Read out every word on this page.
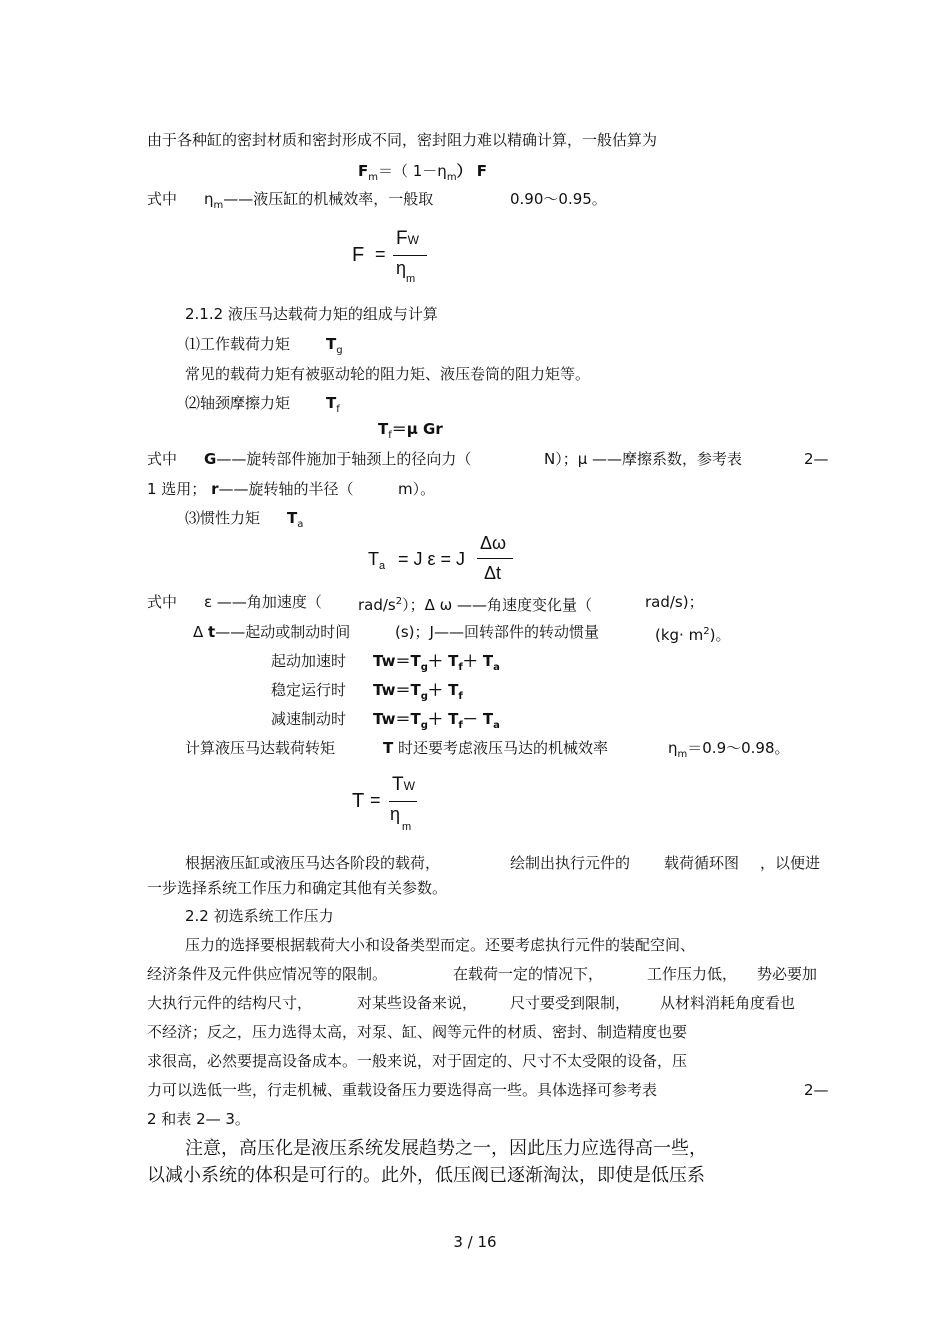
由于各种缸的密封材质和密封形成不同，密封阻力难以精确计算，一般估算为
$F_m=$（ $1-\eta_m$） F
式中 $\eta_m——$液压缸的机械效率，一般取	0.90～0.95。
F =
FW
$\eta_m$
2.1.2 液压马达载荷力矩的组成与计算
⑴工作载荷力矩 $T_g$
常见的载荷力矩有被驱动轮的阻力矩、液压卷筒的阻力矩等。
⑵轴颈摩擦力矩 $T_f$
$T_f=\mu$ Gr
式中 G——旋转部件施加于轴颈上的径向力（	N）；μ ——摩擦系数，参考表	2—
1 选用； r——旋转轴的半径（	m）。
⑶惯性力矩 $T_a$
$T_a = J$ ε = J
Δω
Δt
式中 ε ——角加速度（ rad/$s^2$）；Δ ω ——角速度变化量（	rad/s)；
Δ t——起动或制动时间	(s)；J——回转部件的转动惯量	$(kg\cdot m^2)$。
起动加速时 $Tw=T_g+ T_f+ T_a$
稳定运行时 $Tw=T_g+ T_f$
减速制动时 $Tw=T_g+ T_f- T_a$
计算液压马达载荷转矩	T 时还要考虑液压马达的机械效率	$\eta_m=0.9\sim 0.98$。
T =
TW
$\eta_m$
根据液压缸或液压马达各阶段的载荷，	绘制出执行元件的 载荷循环图 ，以便进
一步选择系统工作压力和确定其他有关参数。
2.2 初选系统工作压力
压力的选择要根据载荷大小和设备类型而定。还要考虑执行元件的装配空间、
经济条件及元件供应情况等的限制。	在载荷一定的情况下，	工作压力低， 势必要加
大执行元件的结构尺寸，	对某些设备来说， 尺寸要受到限制， 从材料消耗角度看也
不经济；反之，压力选得太高，对泵、缸、阀等元件的材质、密封、制造精度也要
求很高，必然要提高设备成本。一般来说，对于固定的、尺寸不太受限的设备，压
力可以选低一些，行走机械、重载设备压力要选得高一些。具体选择可参考表	2—
2 和表 2— 3。
注意，高压化是液压系统发展趋势之一，因此压力应选得高一些，
以减小系统的体积是可行的。此外，低压阀已逐渐淘汰，即使是低压系
3 / 16
